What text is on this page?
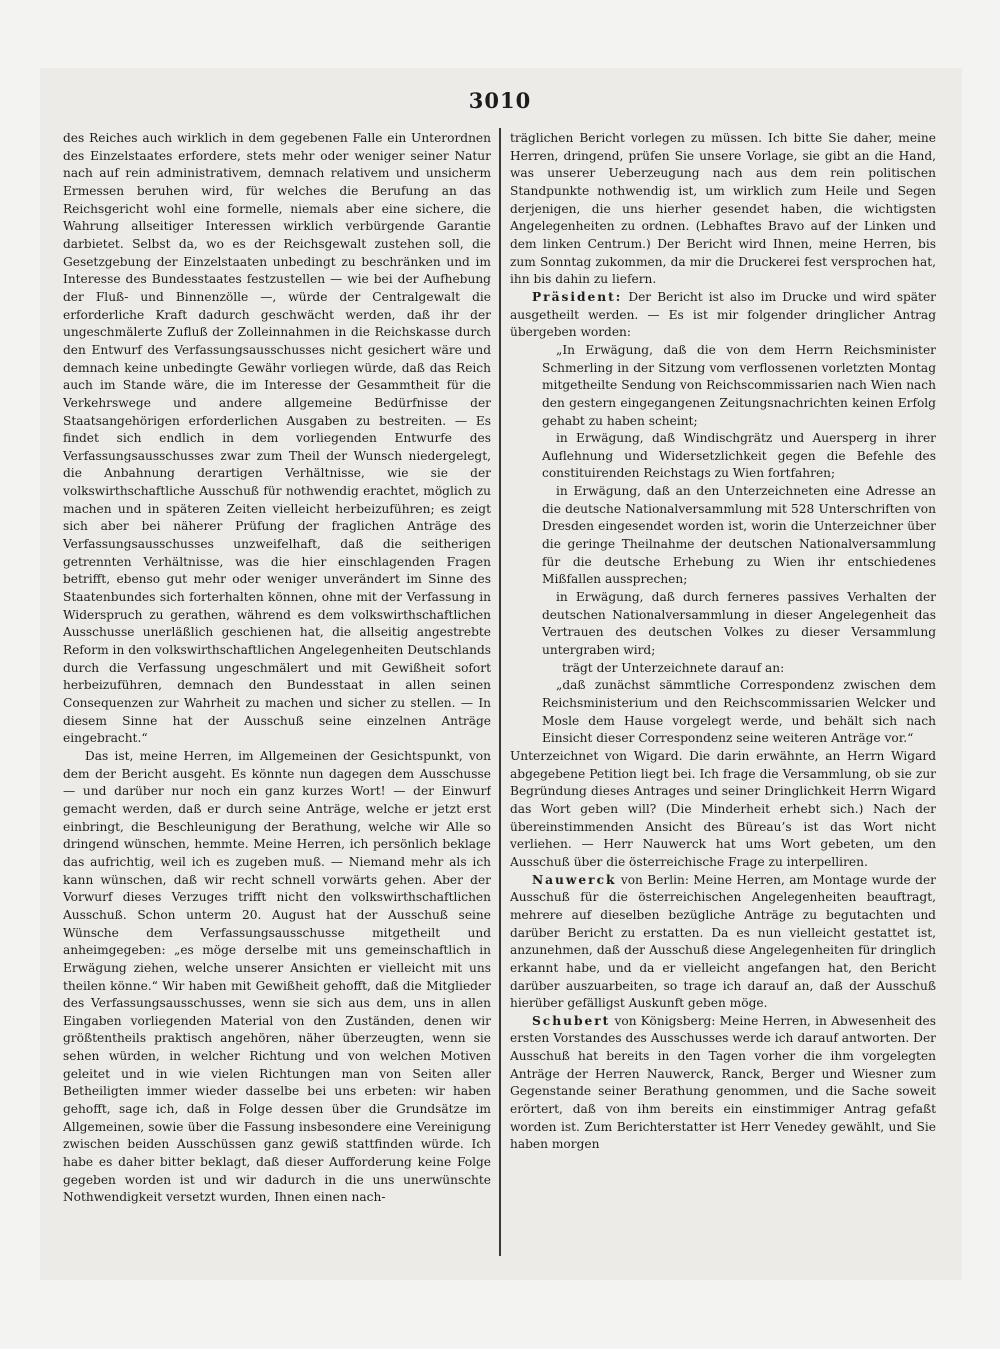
3010

des Reiches auch wirklich in dem gegebenen Falle ein Unterordnen des Einzelstaates erfordere, stets mehr oder weniger seiner Natur nach auf rein administrativem, demnach relativem und unsicherm Ermessen beruhen wird, für welches die Berufung an das Reichsgericht wohl eine formelle, niemals aber eine sichere, die Wahrung allseitiger Interessen wirklich verbürgende Garantie darbietet. Selbst da, wo es der Reichsgewalt zustehen soll, die Gesetzgebung der Einzelstaaten unbedingt zu beschränken und im Interesse des Bundesstaates festzustellen — wie bei der Aufhebung der Fluß- und Binnenzölle —, würde der Centralgewalt die erforderliche Kraft dadurch geschwächt werden, daß ihr der ungeschmälerte Zufluß der Zolleinnahmen in die Reichskasse durch den Entwurf des Verfassungsausschusses nicht gesichert wäre und demnach keine unbedingte Gewähr vorliegen würde, daß das Reich auch im Stande wäre, die im Interesse der Gesammtheit für die Verkehrswege und andere allgemeine Bedürfnisse der Staatsangehörigen erforderlichen Ausgaben zu bestreiten. — Es findet sich endlich in dem vorliegenden Entwurfe des Verfassungsausschusses zwar zum Theil der Wunsch niedergelegt, die Anbahnung derartigen Verhältnisse, wie sie der volkswirthschaftliche Ausschuß für nothwendig erachtet, möglich zu machen und in späteren Zeiten vielleicht herbeizuführen; es zeigt sich aber bei näherer Prüfung der fraglichen Anträge des Verfassungsausschusses unzweifelhaft, daß die seitherigen getrennten Verhältnisse, was die hier einschlagenden Fragen betrifft, ebenso gut mehr oder weniger unverändert im Sinne des Staatenbundes sich forterhalten können, ohne mit der Verfassung in Widerspruch zu gerathen, während es dem volkswirthschaftlichen Ausschusse unerläßlich geschienen hat, die allseitig angestrebte Reform in den volkswirthschaftlichen Angelegenheiten Deutschlands durch die Verfassung ungeschmälert und mit Gewißheit sofort herbeizuführen, demnach den Bundesstaat in allen seinen Consequenzen zur Wahrheit zu machen und sicher zu stellen. — In diesem Sinne hat der Ausschuß seine einzelnen Anträge eingebracht.“

Das ist, meine Herren, im Allgemeinen der Gesichtspunkt, von dem der Bericht ausgeht. Es könnte nun dagegen dem Ausschusse — und darüber nur noch ein ganz kurzes Wort! — der Einwurf gemacht werden, daß er durch seine Anträge, welche er jetzt erst einbringt, die Beschleunigung der Berathung, welche wir Alle so dringend wünschen, hemmte. Meine Herren, ich persönlich beklage das aufrichtig, weil ich es zugeben muß. — Niemand mehr als ich kann wünschen, daß wir recht schnell vorwärts gehen. Aber der Vorwurf dieses Verzuges trifft nicht den volkswirthschaftlichen Ausschuß. Schon unterm 20. August hat der Ausschuß seine Wünsche dem Verfassungsausschusse mitgetheilt und anheimgegeben: „es möge derselbe mit uns gemeinschaftlich in Erwägung ziehen, welche unserer Ansichten er vielleicht mit uns theilen könne.“ Wir haben mit Gewißheit gehofft, daß die Mitglieder des Verfassungsausschusses, wenn sie sich aus dem, uns in allen Eingaben vorliegenden Material von den Zuständen, denen wir größtentheils praktisch angehören, näher überzeugten, wenn sie sehen würden, in welcher Richtung und von welchen Motiven geleitet und in wie vielen Richtungen man von Seiten aller Betheiligten immer wieder dasselbe bei uns erbeten: wir haben gehofft, sage ich, daß in Folge dessen über die Grundsätze im Allgemeinen, sowie über die Fassung insbesondere eine Vereinigung zwischen beiden Ausschüssen ganz gewiß stattfinden würde. Ich habe es daher bitter beklagt, daß dieser Aufforderung keine Folge gegeben worden ist und wir dadurch in die uns unerwünschte Nothwendigkeit versetzt wurden, Ihnen einen nach-

träglichen Bericht vorlegen zu müssen. Ich bitte Sie daher, meine Herren, dringend, prüfen Sie unsere Vorlage, sie gibt an die Hand, was unserer Ueberzeugung nach aus dem rein politischen Standpunkte nothwendig ist, um wirklich zum Heile und Segen derjenigen, die uns hierher gesendet haben, die wichtigsten Angelegenheiten zu ordnen. (Lebhaftes Bravo auf der Linken und dem linken Centrum.) Der Bericht wird Ihnen, meine Herren, bis zum Sonntag zukommen, da mir die Druckerei fest versprochen hat, ihn bis dahin zu liefern.

Präsident: Der Bericht ist also im Drucke und wird später ausgetheilt werden. — Es ist mir folgender dringlicher Antrag übergeben worden:

„In Erwägung, daß die von dem Herrn Reichsminister Schmerling in der Sitzung vom verflossenen vorletzten Montag mitgetheilte Sendung von Reichscommissarien nach Wien nach den gestern eingegangenen Zeitungsnachrichten keinen Erfolg gehabt zu haben scheint;

in Erwägung, daß Windischgrätz und Auersperg in ihrer Auflehnung und Widersetzlichkeit gegen die Befehle des constituirenden Reichstags zu Wien fortfahren;

in Erwägung, daß an den Unterzeichneten eine Adresse an die deutsche Nationalversammlung mit 528 Unterschriften von Dresden eingesendet worden ist, worin die Unterzeichner über die geringe Theilnahme der deutschen Nationalversammlung für die deutsche Erhebung zu Wien ihr entschiedenes Mißfallen aussprechen;

in Erwägung, daß durch ferneres passives Verhalten der deutschen Nationalversammlung in dieser Angelegenheit das Vertrauen des deutschen Volkes zu dieser Versammlung untergraben wird;

trägt der Unterzeichnete darauf an:

„daß zunächst sämmtliche Correspondenz zwischen dem Reichsministerium und den Reichscommissarien Welcker und Mosle dem Hause vorgelegt werde, und behält sich nach Einsicht dieser Correspondenz seine weiteren Anträge vor.“

Unterzeichnet von Wigard. Die darin erwähnte, an Herrn Wigard abgegebene Petition liegt bei. Ich frage die Versammlung, ob sie zur Begründung dieses Antrages und seiner Dringlichkeit Herrn Wigard das Wort geben will? (Die Minderheit erhebt sich.) Nach der übereinstimmenden Ansicht des Büreau’s ist das Wort nicht verliehen. — Herr Nauwerck hat ums Wort gebeten, um den Ausschuß über die österreichische Frage zu interpelliren.

Nauwerck von Berlin: Meine Herren, am Montage wurde der Ausschuß für die österreichischen Angelegenheiten beauftragt, mehrere auf dieselben bezügliche Anträge zu begutachten und darüber Bericht zu erstatten. Da es nun vielleicht gestattet ist, anzunehmen, daß der Ausschuß diese Angelegenheiten für dringlich erkannt habe, und da er vielleicht angefangen hat, den Bericht darüber auszuarbeiten, so trage ich darauf an, daß der Ausschuß hierüber gefälligst Auskunft geben möge.

Schubert von Königsberg: Meine Herren, in Abwesenheit des ersten Vorstandes des Ausschusses werde ich darauf antworten. Der Ausschuß hat bereits in den Tagen vorher die ihm vorgelegten Anträge der Herren Nauwerck, Ranck, Berger und Wiesner zum Gegenstande seiner Berathung genommen, und die Sache soweit erörtert, daß von ihm bereits ein einstimmiger Antrag gefaßt worden ist. Zum Berichterstatter ist Herr Venedey gewählt, und Sie haben morgen
